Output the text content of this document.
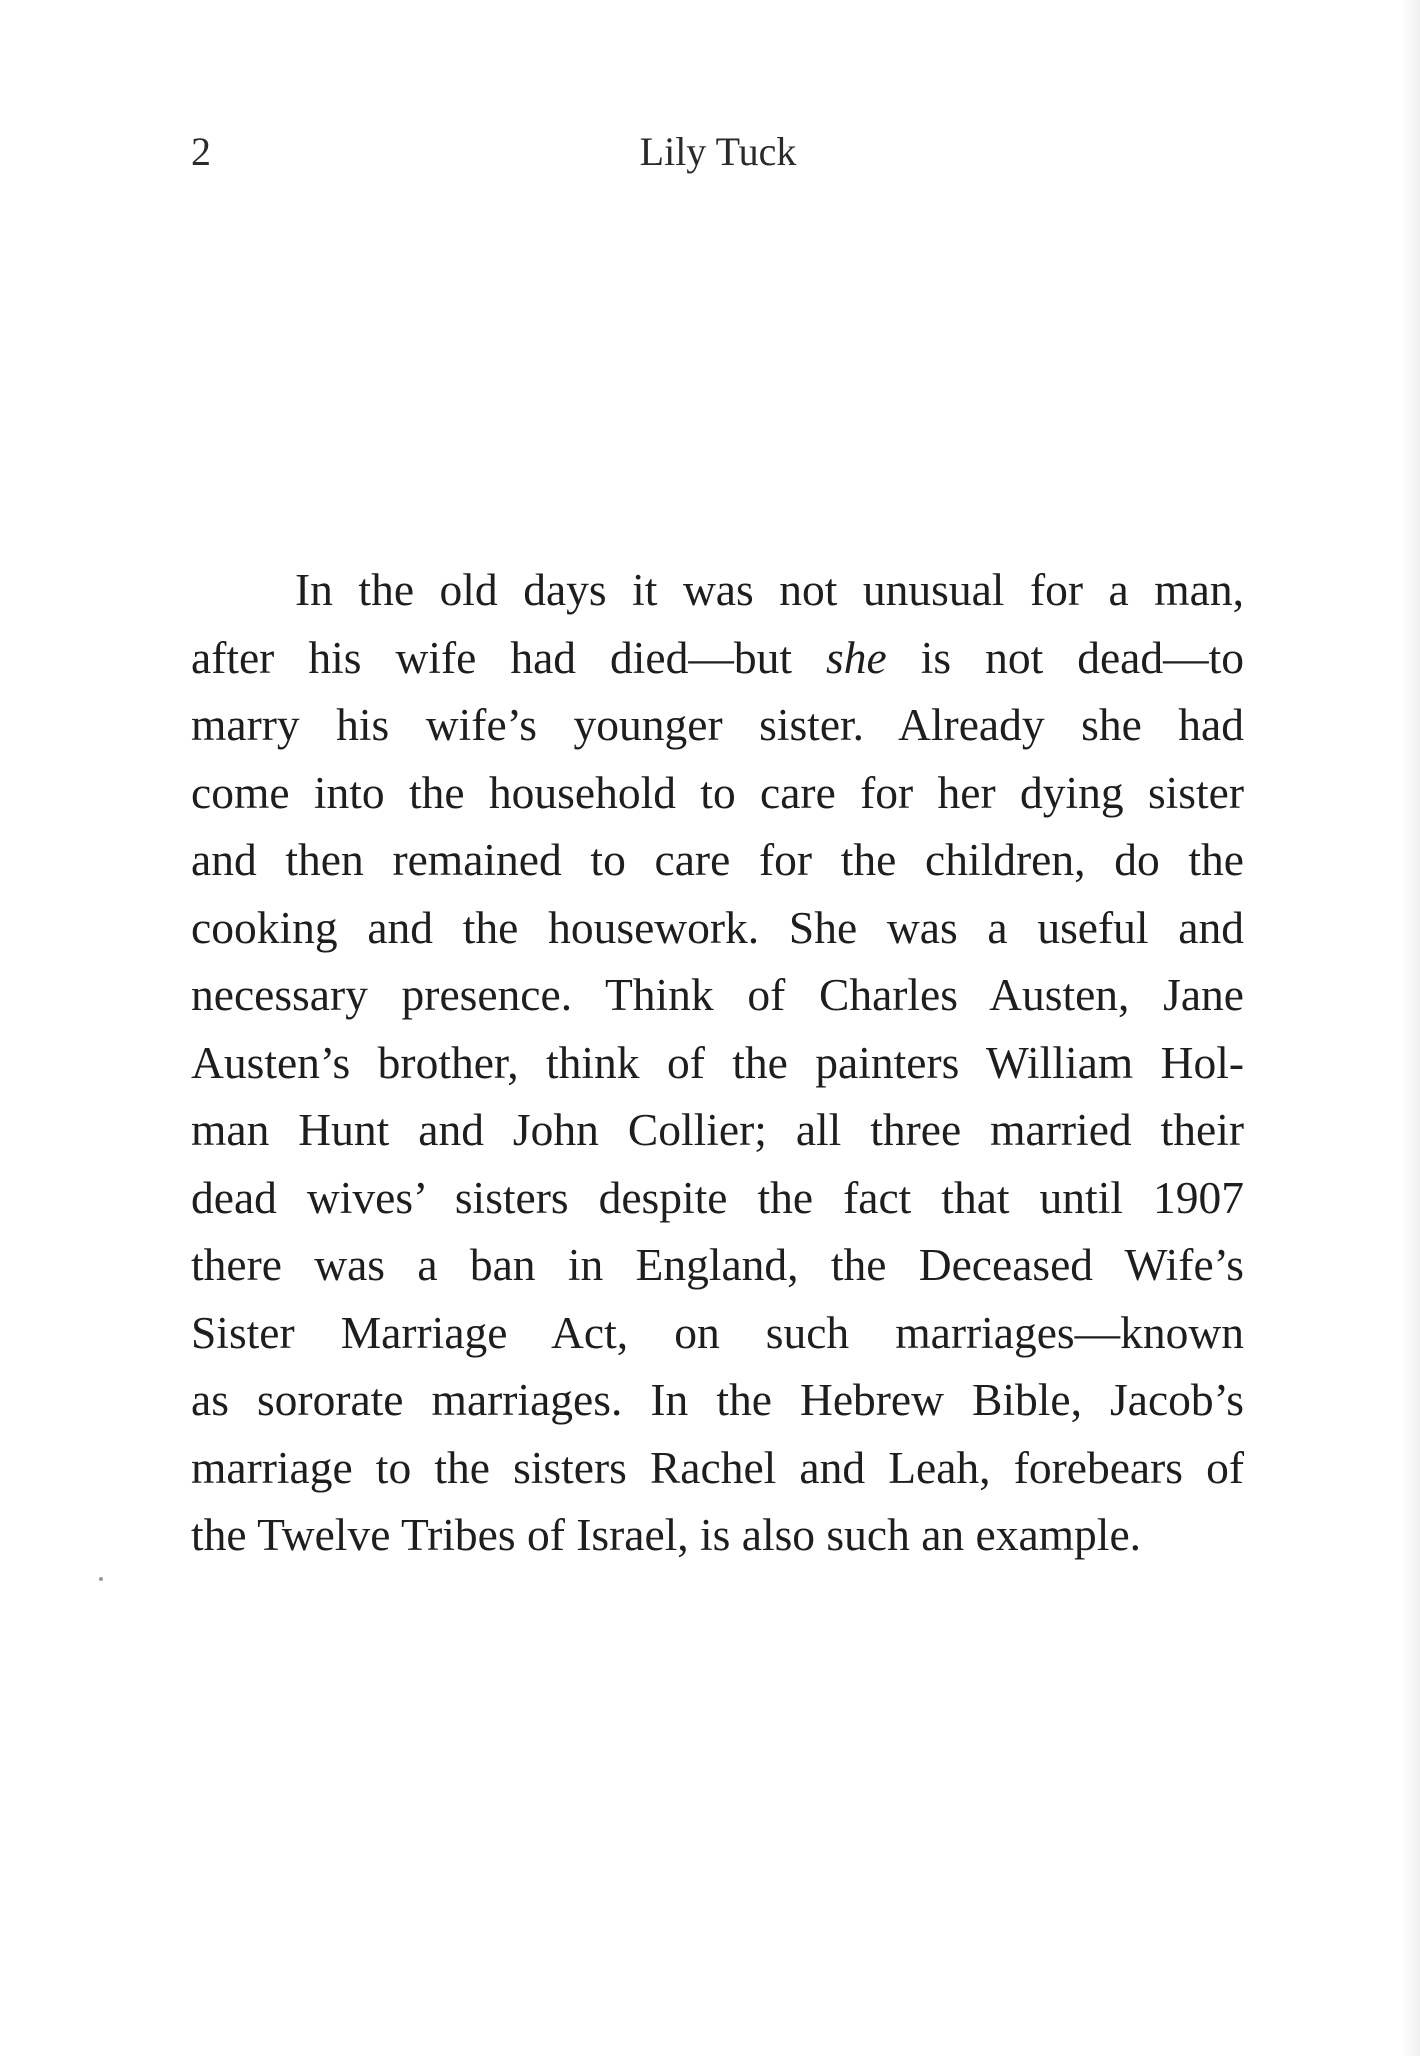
2	Lily Tuck
In the old days it was not unusual for a man,
after his wife had died—but she is not dead—to
marry his wife’s younger sister. Already she had
come into the household to care for her dying sister
and then remained to care for the children, do the
cooking and the housework. She was a useful and
necessary presence. Think of Charles Austen, Jane
Austen’s brother, think of the painters William Hol-
man Hunt and John Collier; all three married their
dead wives’ sisters despite the fact that until 1907
there was a ban in England, the Deceased Wife’s
Sister Marriage Act, on such marriages—known
as sororate marriages. In the Hebrew Bible, Jacob’s
marriage to the sisters Rachel and Leah, forebears of
the Twelve Tribes of Israel, is also such an example.
